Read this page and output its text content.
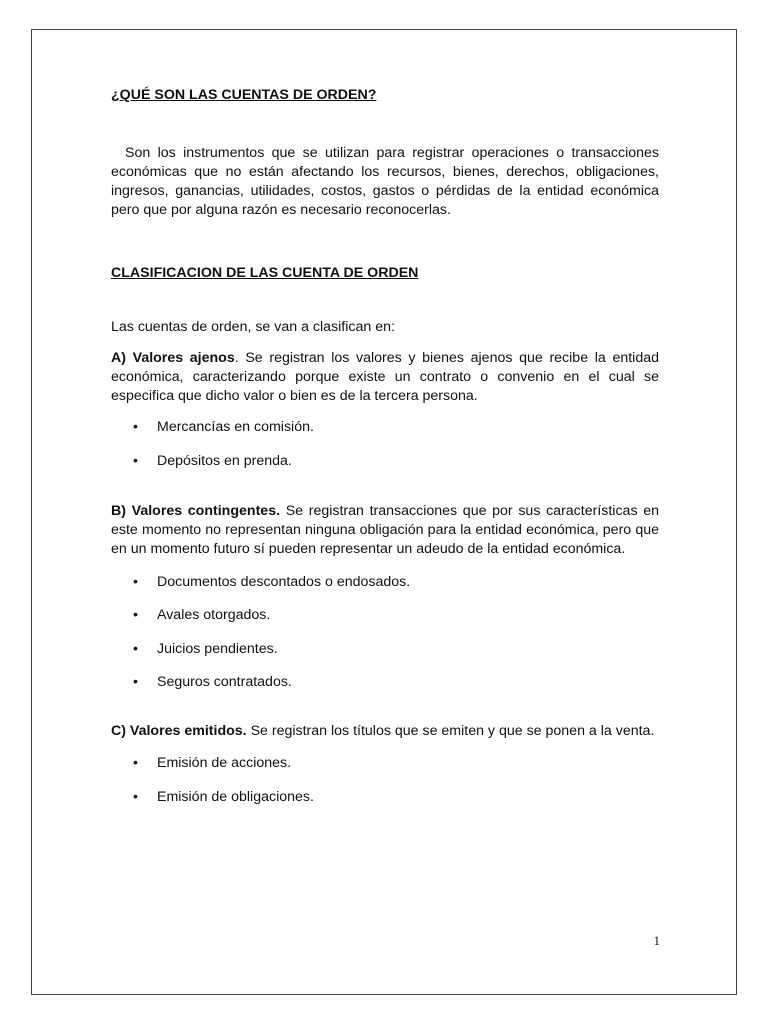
¿QUÉ SON LAS CUENTAS DE ORDEN?

Son los instrumentos que se utilizan para registrar operaciones o transacciones económicas que no están afectando los recursos, bienes, derechos, obligaciones, ingresos, ganancias, utilidades, costos, gastos o pérdidas de la entidad económica pero que por alguna razón es necesario reconocerlas.

CLASIFICACION DE LAS CUENTA DE ORDEN

Las cuentas de orden, se van a clasifican en:

A) Valores ajenos. Se registran los valores y bienes ajenos que recibe la entidad económica, caracterizando porque existe un contrato o convenio en el cual se especifica que dicho valor o bien es de la tercera persona.

• Mercancías en comisión.
• Depósitos en prenda.

B) Valores contingentes. Se registran transacciones que por sus características en este momento no representan ninguna obligación para la entidad económica, pero que en un momento futuro sí pueden representar un adeudo de la entidad económica.

• Documentos descontados o endosados.
• Avales otorgados.
• Juicios pendientes.
• Seguros contratados.

C) Valores emitidos. Se registran los títulos que se emiten y que se ponen a la venta.

• Emisión de acciones.
• Emisión de obligaciones.
1
